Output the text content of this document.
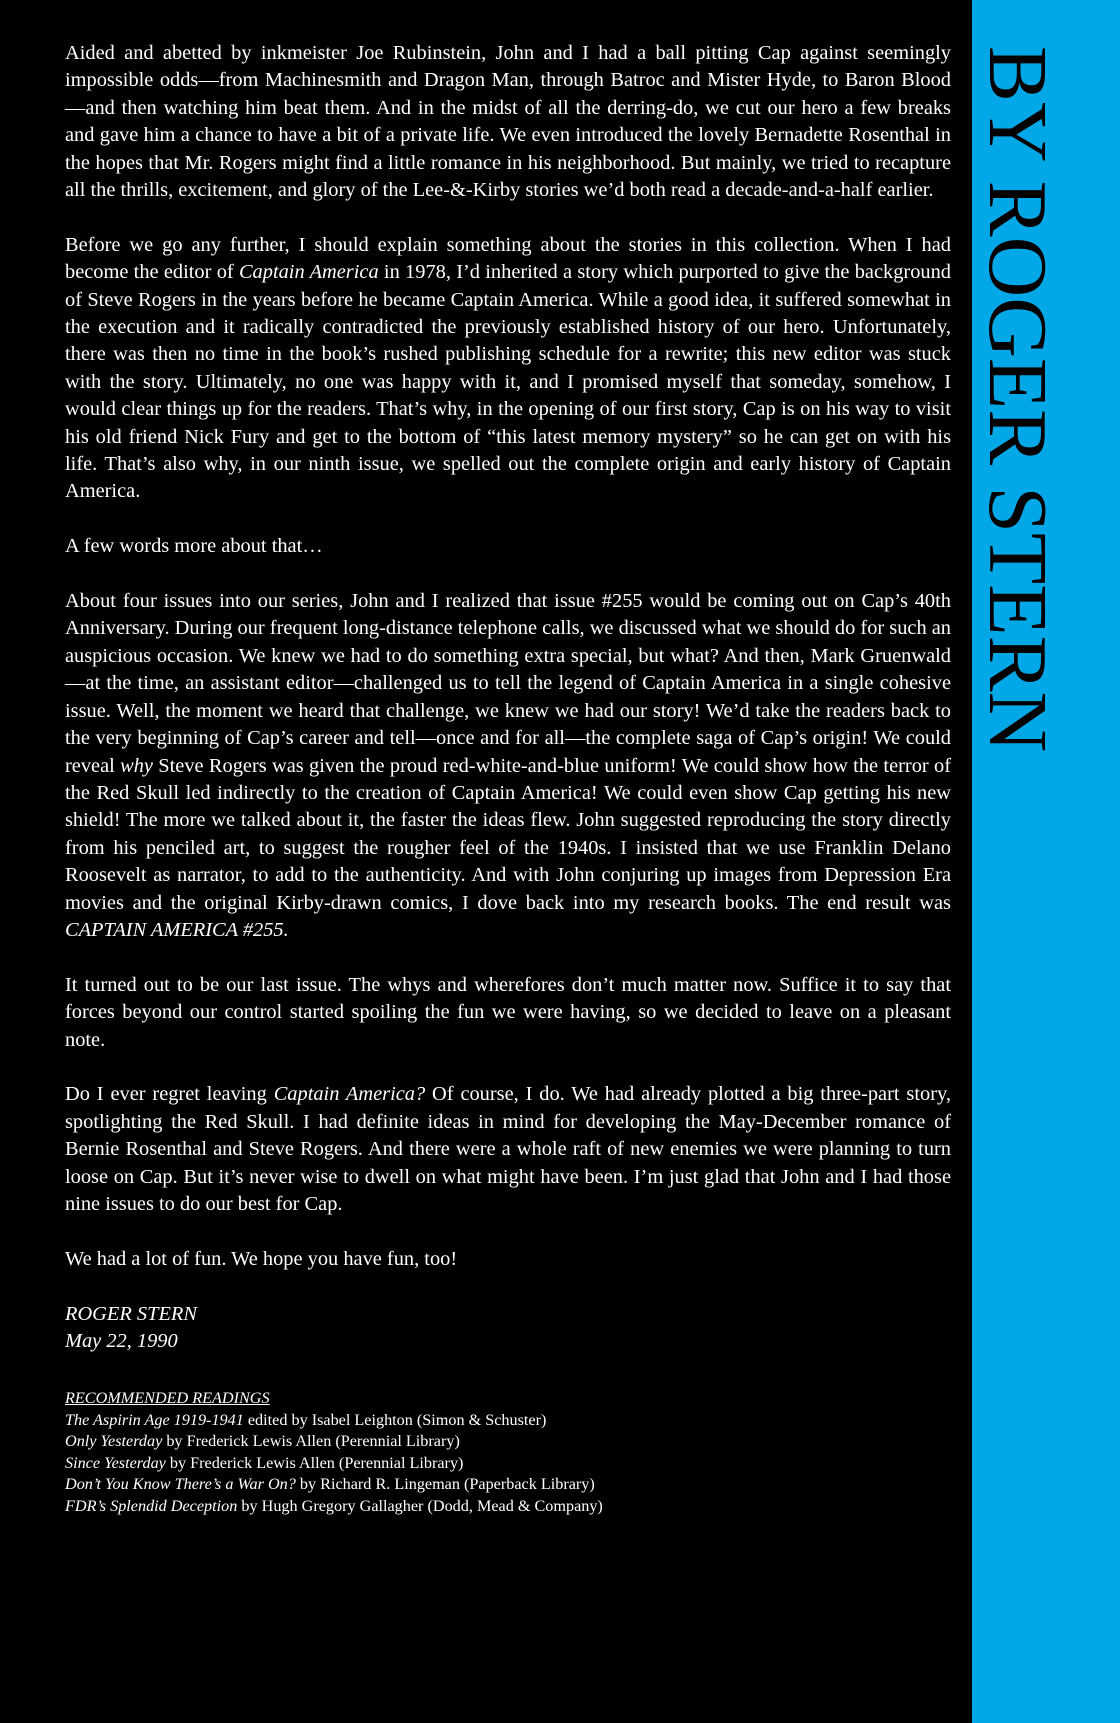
BY ROGER STERN

Aided and abetted by inkmeister Joe Rubinstein, John and I had a ball pitting Cap against seemingly impossible odds—from Machinesmith and Dragon Man, through Batroc and Mister Hyde, to Baron Blood—and then watching him beat them. And in the midst of all the derring-do, we cut our hero a few breaks and gave him a chance to have a bit of a private life. We even introduced the lovely Bernadette Rosenthal in the hopes that Mr. Rogers might find a little romance in his neighborhood. But mainly, we tried to recapture all the thrills, excitement, and glory of the Lee-&-Kirby stories we’d both read a decade-and-a-half earlier.

Before we go any further, I should explain something about the stories in this collection. When I had become the editor of Captain America in 1978, I’d inherited a story which purported to give the background of Steve Rogers in the years before he became Captain America. While a good idea, it suffered somewhat in the execution and it radically contradicted the previously established history of our hero. Unfortunately, there was then no time in the book’s rushed publishing schedule for a rewrite; this new editor was stuck with the story. Ultimately, no one was happy with it, and I promised myself that someday, somehow, I would clear things up for the readers. That’s why, in the opening of our first story, Cap is on his way to visit his old friend Nick Fury and get to the bottom of “this latest memory mystery” so he can get on with his life. That’s also why, in our ninth issue, we spelled out the complete origin and early history of Captain America.

A few words more about that…

About four issues into our series, John and I realized that issue #255 would be coming out on Cap’s 40th Anniversary. During our frequent long-distance telephone calls, we discussed what we should do for such an auspicious occasion. We knew we had to do something extra special, but what? And then, Mark Gruenwald—at the time, an assistant editor—challenged us to tell the legend of Captain America in a single cohesive issue. Well, the moment we heard that challenge, we knew we had our story! We’d take the readers back to the very beginning of Cap’s career and tell—once and for all—the complete saga of Cap’s origin! We could reveal why Steve Rogers was given the proud red-white-and-blue uniform! We could show how the terror of the Red Skull led indirectly to the creation of Captain America! We could even show Cap getting his new shield! The more we talked about it, the faster the ideas flew. John suggested reproducing the story directly from his penciled art, to suggest the rougher feel of the 1940s. I insisted that we use Franklin Delano Roosevelt as narrator, to add to the authenticity. And with John conjuring up images from Depression Era movies and the original Kirby-drawn comics, I dove back into my research books. The end result was CAPTAIN AMERICA #255.

It turned out to be our last issue. The whys and wherefores don’t much matter now. Suffice it to say that forces beyond our control started spoiling the fun we were having, so we decided to leave on a pleasant note.

Do I ever regret leaving Captain America? Of course, I do. We had already plotted a big three-part story, spotlighting the Red Skull. I had definite ideas in mind for developing the May-December romance of Bernie Rosenthal and Steve Rogers. And there were a whole raft of new enemies we were planning to turn loose on Cap. But it’s never wise to dwell on what might have been. I’m just glad that John and I had those nine issues to do our best for Cap.

We had a lot of fun. We hope you have fun, too!

ROGER STERN
May 22, 1990
RECOMMENDED READINGS
The Aspirin Age 1919-1941 edited by Isabel Leighton (Simon & Schuster)
Only Yesterday by Frederick Lewis Allen (Perennial Library)
Since Yesterday by Frederick Lewis Allen (Perennial Library)
Don’t You Know There’s a War On? by Richard R. Lingeman (Paperback Library)
FDR’s Splendid Deception by Hugh Gregory Gallagher (Dodd, Mead & Company)
